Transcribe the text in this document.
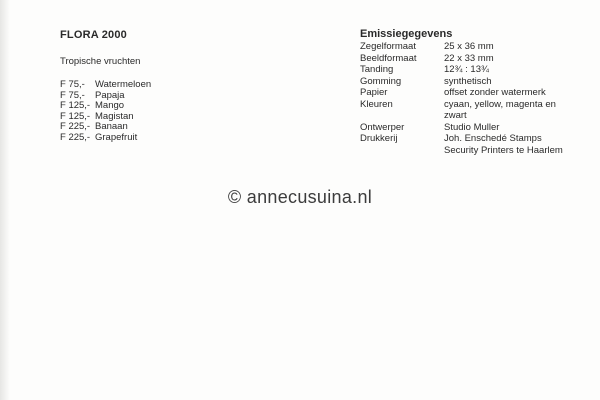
FLORA 2000
Tropische vruchten
F 75,-	Watermeloen
F 75,-	Papaja
F 125,- Mango
F 125,- Magistan
F 225,- Banaan
F 225,- Grapefruit
Emissiegegevens
Zegelformaat	25 x 36 mm
Beeldformaat	22 x 33 mm
Tanding	12¾ : 13¾
Gomming	synthetisch
Papier	offset zonder watermerk
Kleuren	cyaan, yellow, magenta en
zwart
Ontwerper	Studio Muller
Drukkerij	Joh. Enschedé Stamps
Security Printers te Haarlem
© annecusuina.nl
